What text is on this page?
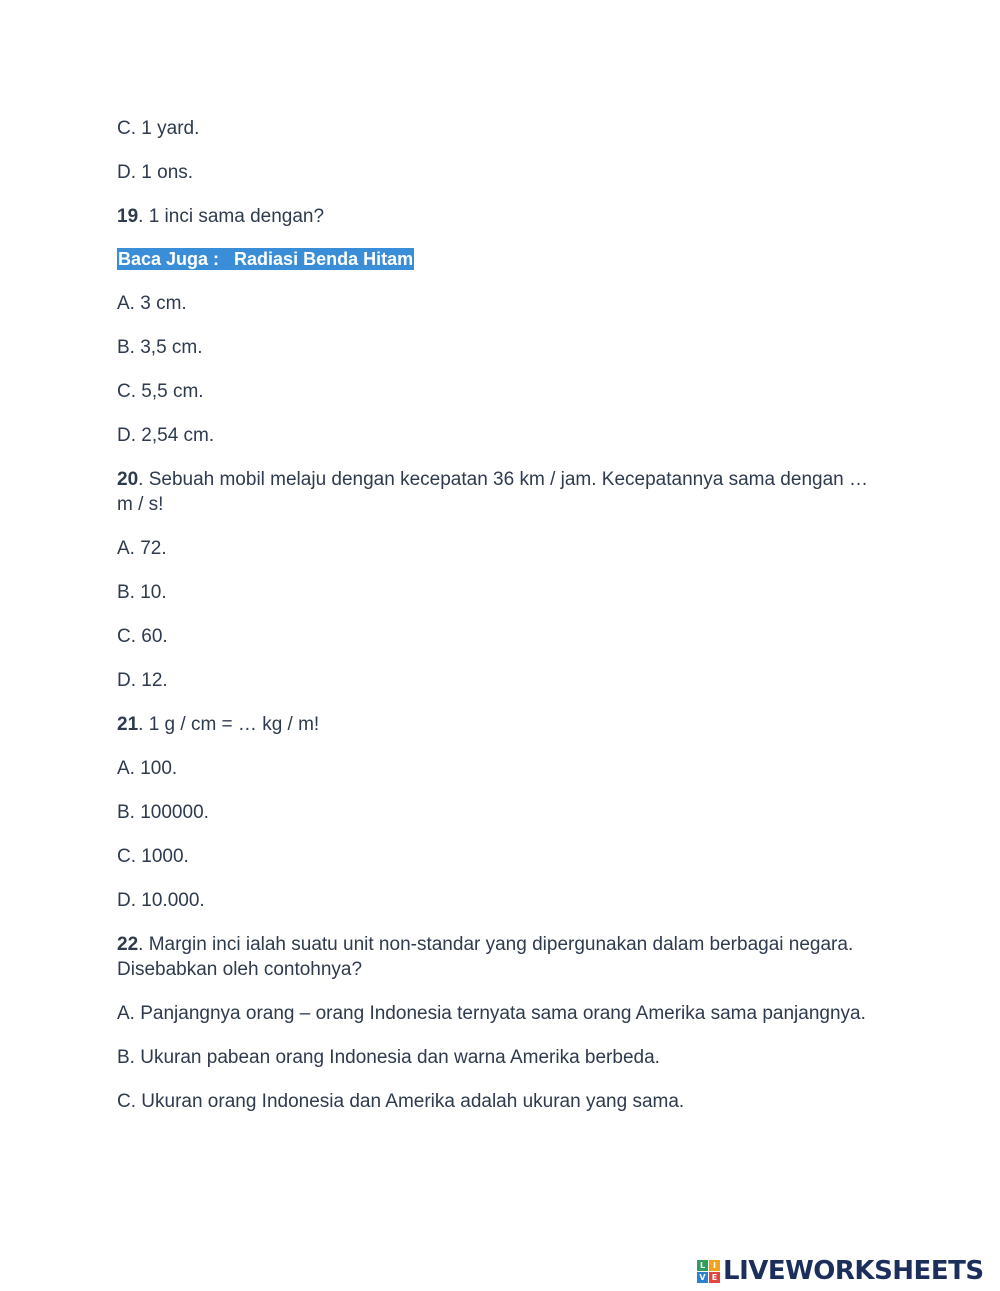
C. 1 yard.

D. 1 ons.

19. 1 inci sama dengan?

Baca Juga :   Radiasi Benda Hitam

A. 3 cm.

B. 3,5 cm.

C. 5,5 cm.

D. 2,54 cm.

20. Sebuah mobil melaju dengan kecepatan 36 km / jam. Kecepatannya sama dengan … m / s!

A. 72.

B. 10.

C. 60.

D. 12.

21. 1 g / cm = … kg / m!

A. 100.

B. 100000.

C. 1000.

D. 10.000.

22. Margin inci ialah suatu unit non-standar yang dipergunakan dalam berbagai negara. Disebabkan oleh contohnya?

A. Panjangnya orang – orang Indonesia ternyata sama orang Amerika sama panjangnya.

B. Ukuran pabean orang Indonesia dan warna Amerika berbeda.

C. Ukuran orang Indonesia dan Amerika adalah ukuran yang sama.

L I
V E LIVEWORKSHEETS
